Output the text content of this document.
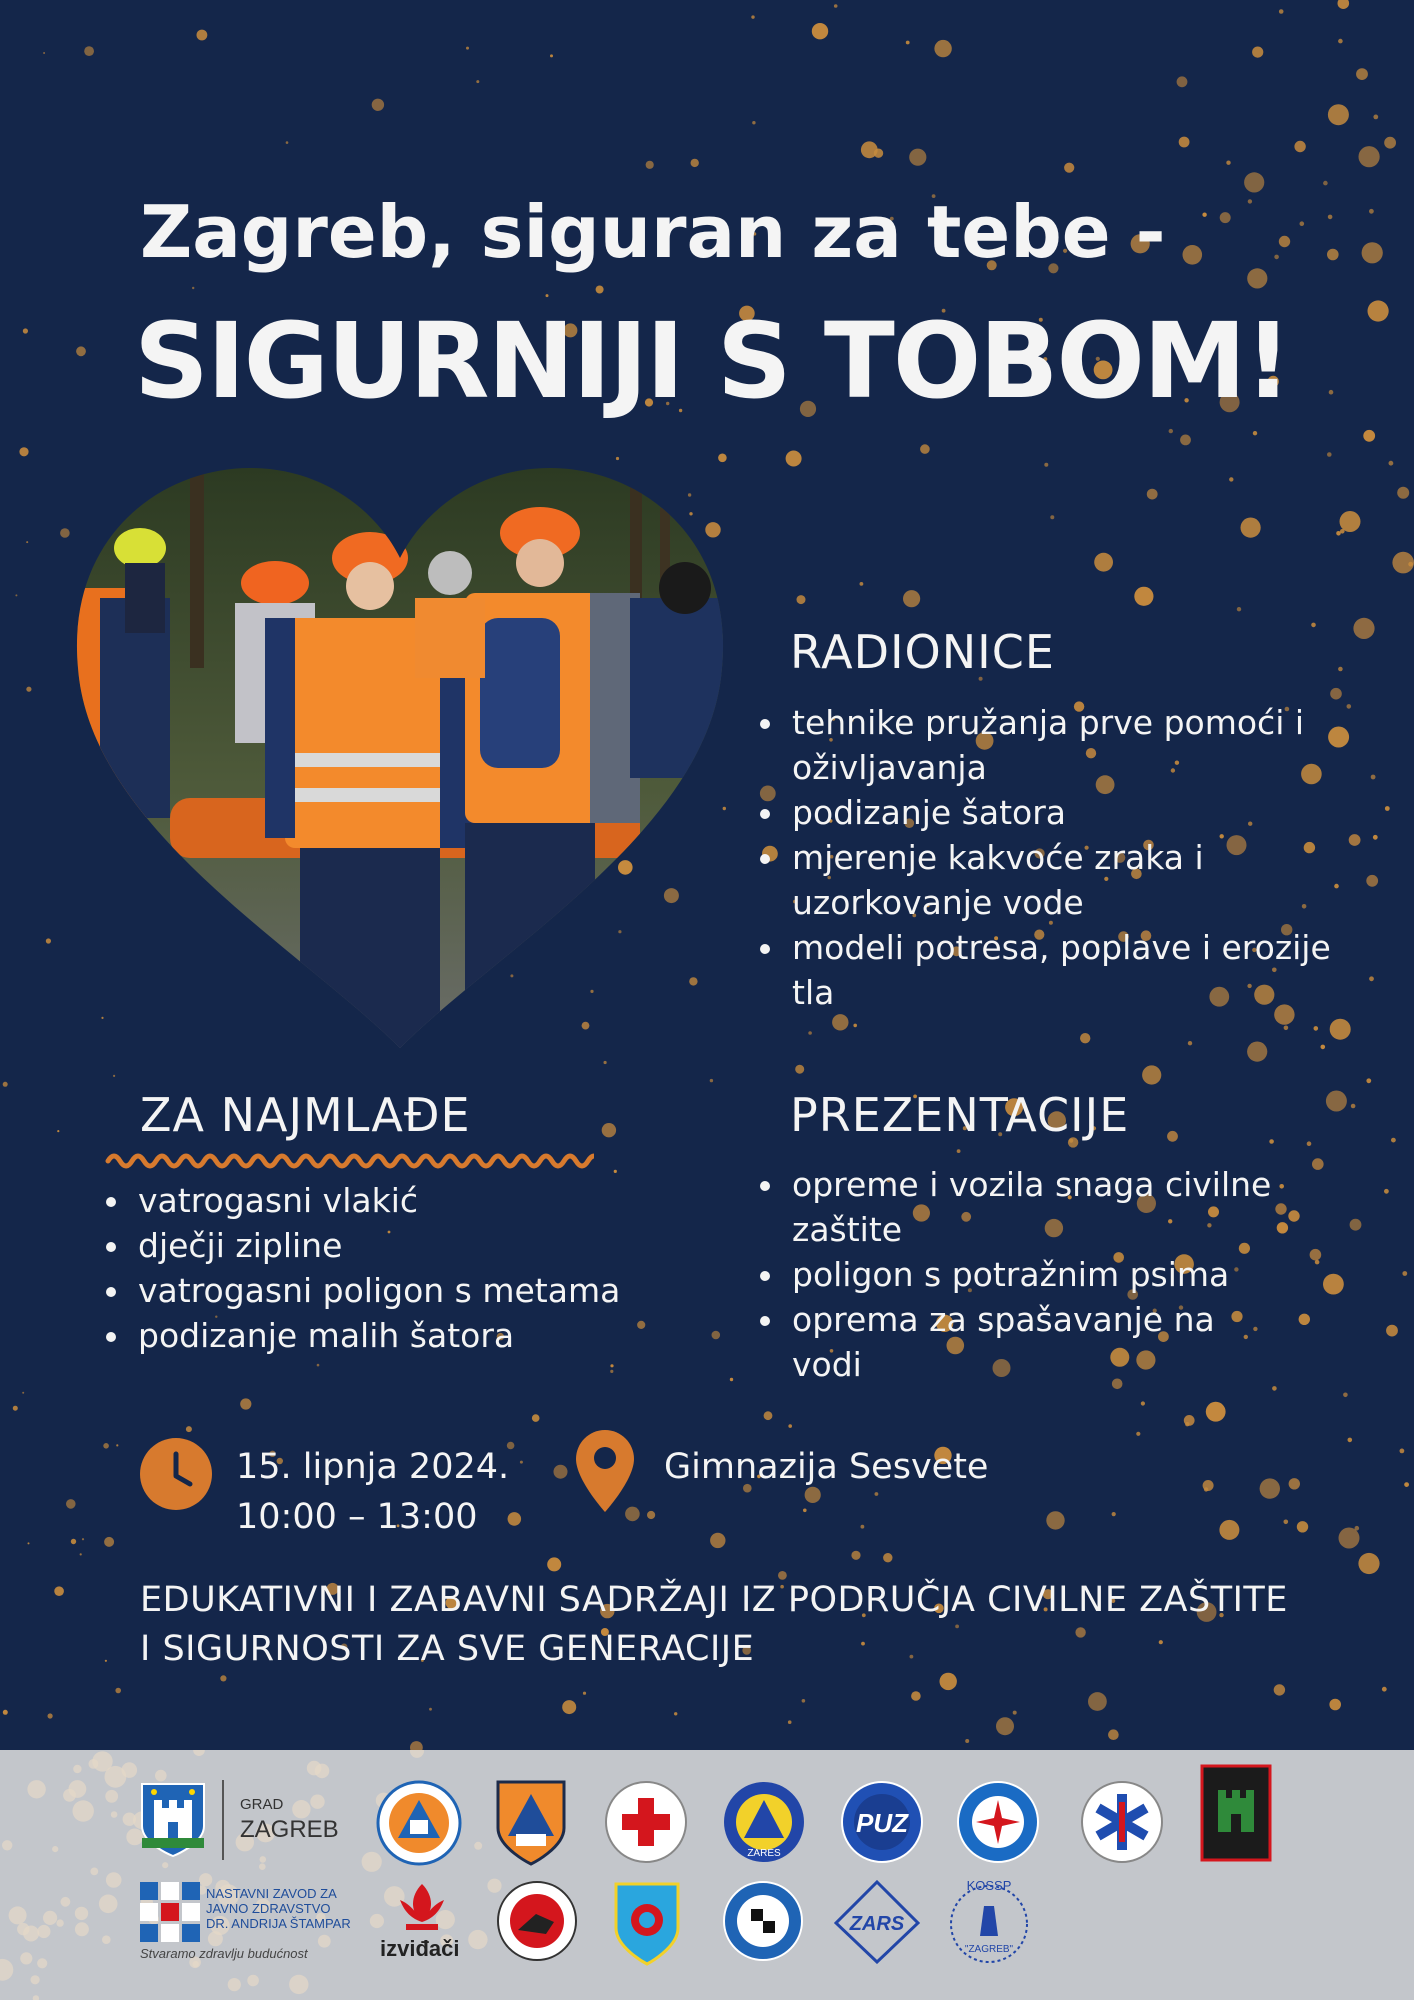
Zagreb, siguran za tebe -
SIGURNIJI S TOBOM!
RADIONICE
tehnike pružanja prve pomoći i oživljavanja
podizanje šatora
mjerenje kakvoće zraka i uzorkovanje vode
modeli potresa, poplave i erozije tla
ZA NAJMLAĐE
vatrogasni vlakić
dječji zipline
vatrogasni poligon s metama
podizanje malih šatora
PREZENTACIJE
opreme i vozila snaga civilne zaštite
poligon s potražnim psima
oprema za spašavanje na vodi
15. lipnja 2024.
10:00 – 13:00
Gimnazija Sesvete
EDUKATIVNI I ZABAVNI SADRŽAJI IZ PODRUČJA CIVILNE ZAŠTITE I SIGURNOSTI ZA SVE GENERACIJE
GRAD
ZAGREB
ZARES
PUZ
NASTAVNI ZAVOD ZA
JAVNO ZDRAVSTVO
DR. ANDRIJA ŠTAMPAR
Stvaramo zdravlju budućnost	izviđači
ZARS
KOSSP
"ZAGREB"
